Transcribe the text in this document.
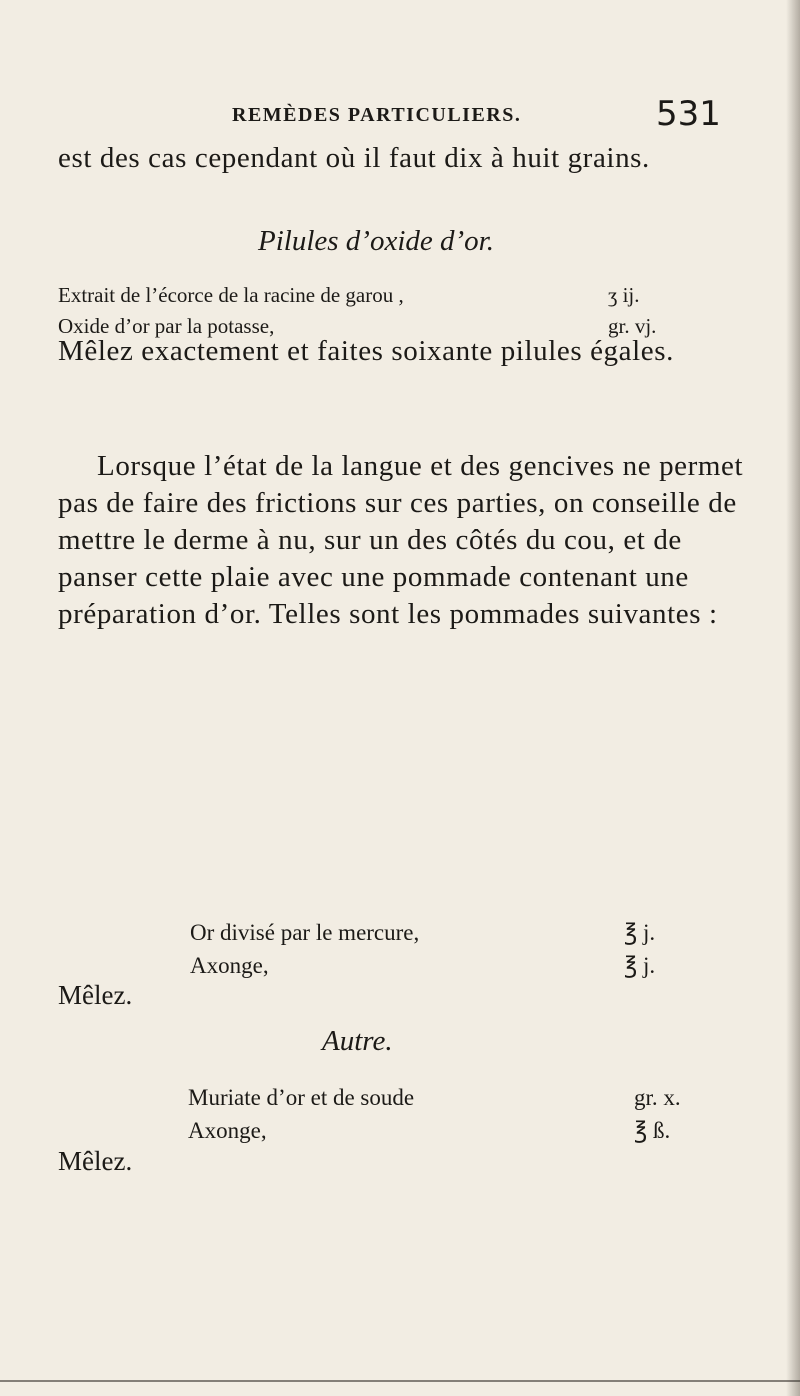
REMÈDES PARTICULIERS.	531

est des cas cependant où il faut dix à huit grains.

Pilules d’oxide d’or.
Extrait de l’écorce de la racine de garou ,	ʒ ij.
Oxide d’or par la potasse,	gr. vj.

Mêlez exactement et faites soixante pilules égales.

Lorsque l’état de la langue et des gencives ne permet pas de faire des frictions sur ces parties, on conseille de mettre le derme à nu, sur un des côtés du cou, et de panser cette plaie avec une pommade contenant une préparation d’or. Telles sont les pommades suivantes :

Or divisé par le mercure,	℥ j.
Axonge,	℥ j.
Mêlez.
Autre.
Muriate d’or et de soude	gr. x.
Axonge,	℥ ß.
Mêlez.
